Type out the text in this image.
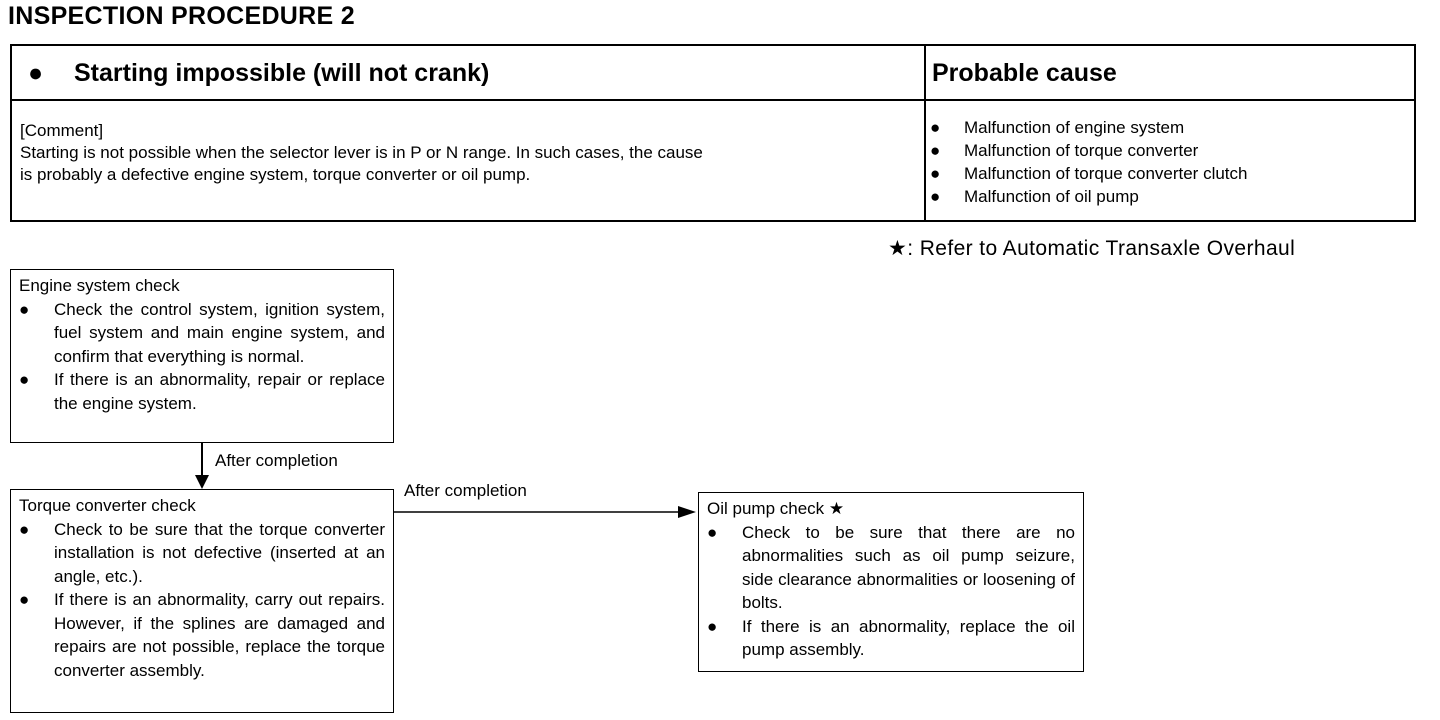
INSPECTION PROCEDURE 2
● Starting impossible (will not crank)	Probable cause
[Comment]
Starting is not possible when the selector lever is in P or N range. In such cases, the cause
is probably a defective engine system, torque converter or oil pump.
● Malfunction of engine system
● Malfunction of torque converter
● Malfunction of torque converter clutch
● Malfunction of oil pump
★: Refer to Automatic Transaxle Overhaul
Engine system check
●	Check the control system, ignition system, fuel system and main engine system, and confirm that everything is normal.
●	If there is an abnormality, repair or replace the engine system.
After completion
Torque converter check
●	Check to be sure that the torque converter installation is not defective (inserted at an angle, etc.).
●	If there is an abnormality, carry out repairs. However, if the splines are damaged and repairs are not possible, replace the torque converter assembly.
After completion
Oil pump check ★
●	Check to be sure that there are no abnormalities such as oil pump seizure, side clearance abnormalities or loosening of bolts.
●	If there is an abnormality, replace the oil pump assembly.
